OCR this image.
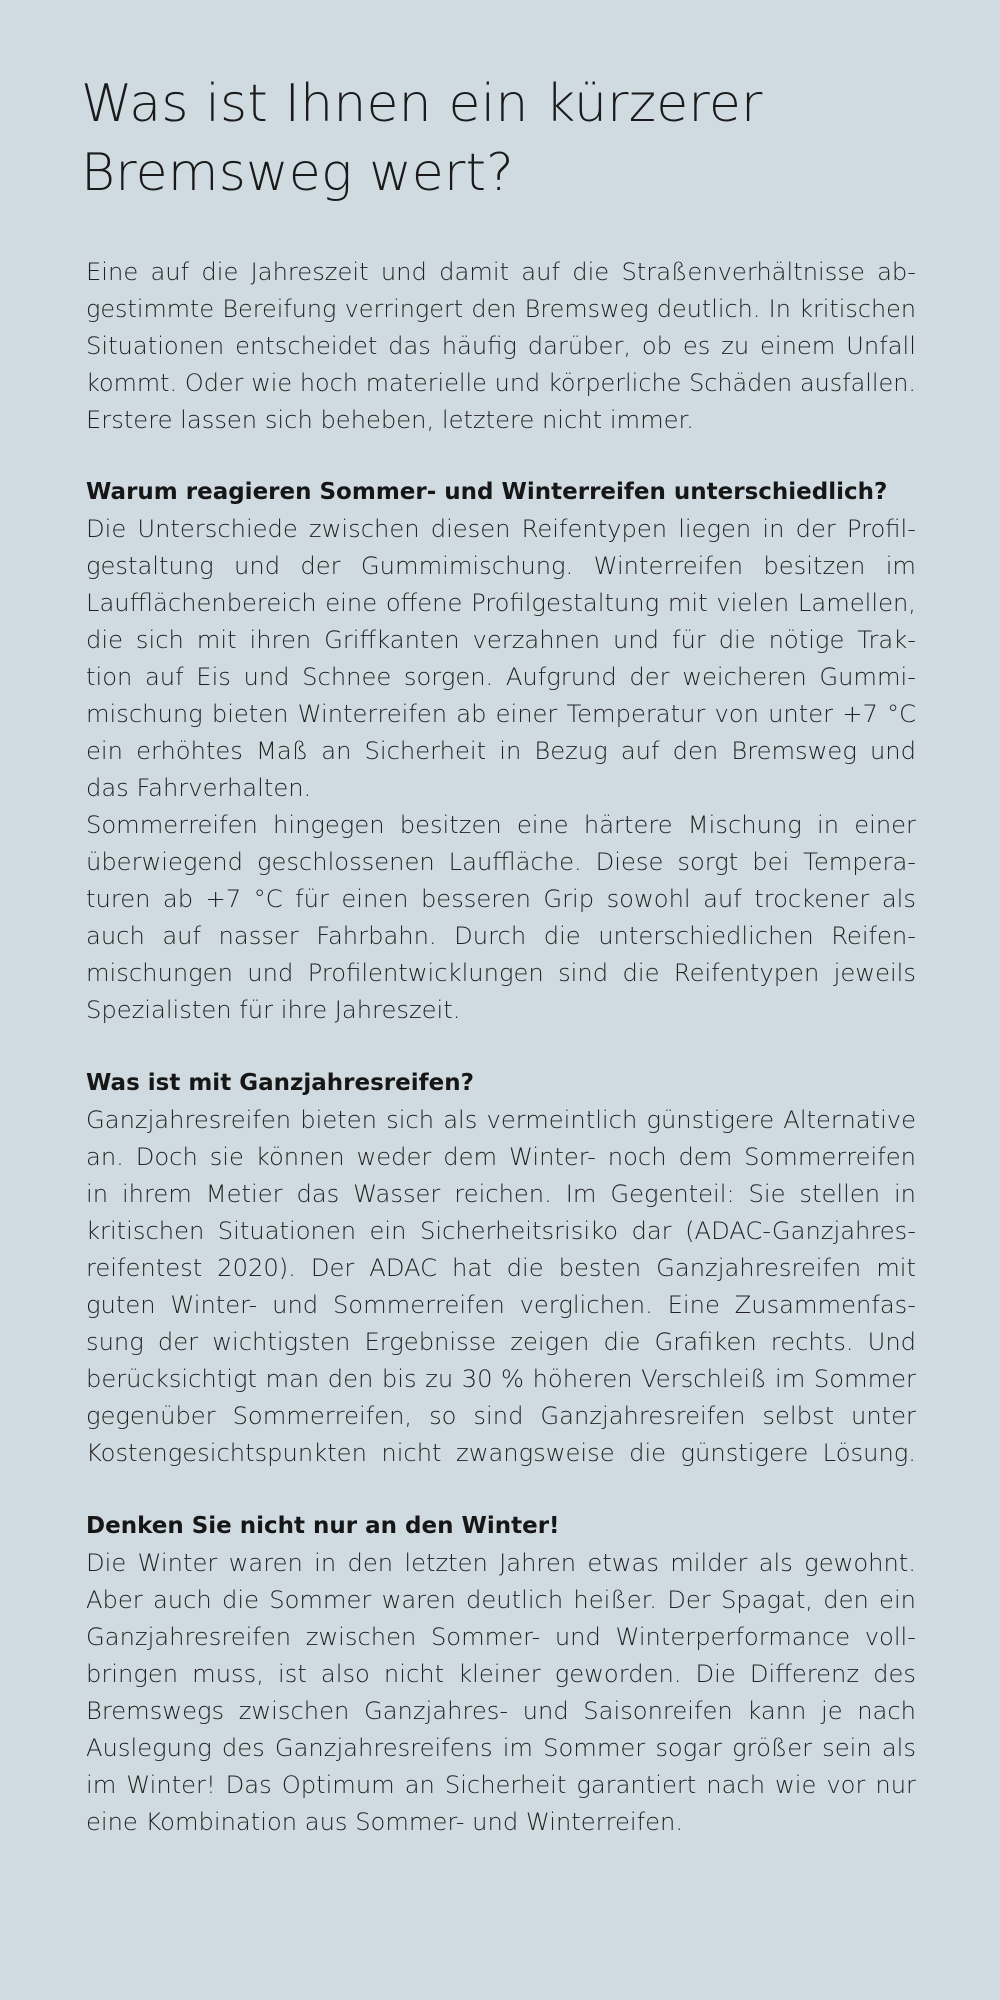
Was ist Ihnen ein kürzerer
Bremsweg wert?
Eine auf die Jahreszeit und damit auf die Straßenverhältnisse ab-
gestimmte Bereifung verringert den Bremsweg deutlich. In kritischen
Situationen entscheidet das häufig darüber, ob es zu einem Unfall
kommt. Oder wie hoch materielle und körperliche Schäden ausfallen.
Erstere lassen sich beheben, letztere nicht immer.
Warum reagieren Sommer- und Winterreifen unterschiedlich?
Die Unterschiede zwischen diesen Reifentypen liegen in der Profil-
gestaltung und der Gummimischung. Winterreifen besitzen im
Laufflächenbereich eine offene Profilgestaltung mit vielen Lamellen,
die sich mit ihren Griffkanten verzahnen und für die nötige Trak-
tion auf Eis und Schnee sorgen. Aufgrund der weicheren Gummi-
mischung bieten Winterreifen ab einer Temperatur von unter +7 °C
ein erhöhtes Maß an Sicherheit in Bezug auf den Bremsweg und
das Fahrverhalten.
Sommerreifen hingegen besitzen eine härtere Mischung in einer
überwiegend geschlossenen Lauffläche. Diese sorgt bei Tempera-
turen ab +7 °C für einen besseren Grip sowohl auf trockener als
auch auf nasser Fahrbahn. Durch die unterschiedlichen Reifen-
mischungen und Profilentwicklungen sind die Reifentypen jeweils
Spezialisten für ihre Jahreszeit.
Was ist mit Ganzjahresreifen?
Ganzjahresreifen bieten sich als vermeintlich günstigere Alternative
an. Doch sie können weder dem Winter- noch dem Sommerreifen
in ihrem Metier das Wasser reichen. Im Gegenteil: Sie stellen in
kritischen Situationen ein Sicherheitsrisiko dar (ADAC-Ganzjahres-
reifentest 2020). Der ADAC hat die besten Ganzjahresreifen mit
guten Winter- und Sommerreifen verglichen. Eine Zusammenfas-
sung der wichtigsten Ergebnisse zeigen die Grafiken rechts. Und
berücksichtigt man den bis zu 30 % höheren Verschleiß im Sommer
gegenüber Sommerreifen, so sind Ganzjahresreifen selbst unter
Kostengesichtspunkten nicht zwangsweise die günstigere Lösung.
Denken Sie nicht nur an den Winter!
Die Winter waren in den letzten Jahren etwas milder als gewohnt.
Aber auch die Sommer waren deutlich heißer. Der Spagat, den ein
Ganzjahresreifen zwischen Sommer- und Winterperformance voll-
bringen muss, ist also nicht kleiner geworden. Die Differenz des
Bremswegs zwischen Ganzjahres- und Saisonreifen kann je nach
Auslegung des Ganzjahresreifens im Sommer sogar größer sein als
im Winter! Das Optimum an Sicherheit garantiert nach wie vor nur
eine Kombination aus Sommer- und Winterreifen.
